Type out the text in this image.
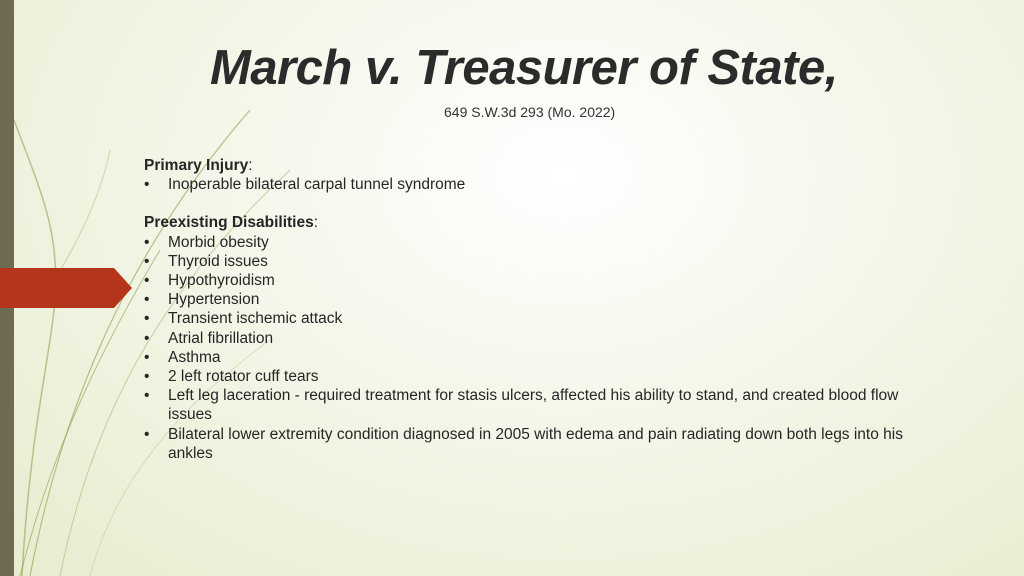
March v. Treasurer of State,
649 S.W.3d 293 (Mo. 2022)
Primary Injury:
•	Inoperable bilateral carpal tunnel syndrome
Preexisting Disabilities:
•	Morbid obesity
•	Thyroid issues
•	Hypothyroidism
•	Hypertension
•	Transient ischemic attack
•	Atrial fibrillation
•	Asthma
•	2 left rotator cuff tears
•	Left leg laceration - required treatment for stasis ulcers, affected his ability to stand, and created blood flow issues
•	Bilateral lower extremity condition diagnosed in 2005 with edema and pain radiating down both legs into his ankles
